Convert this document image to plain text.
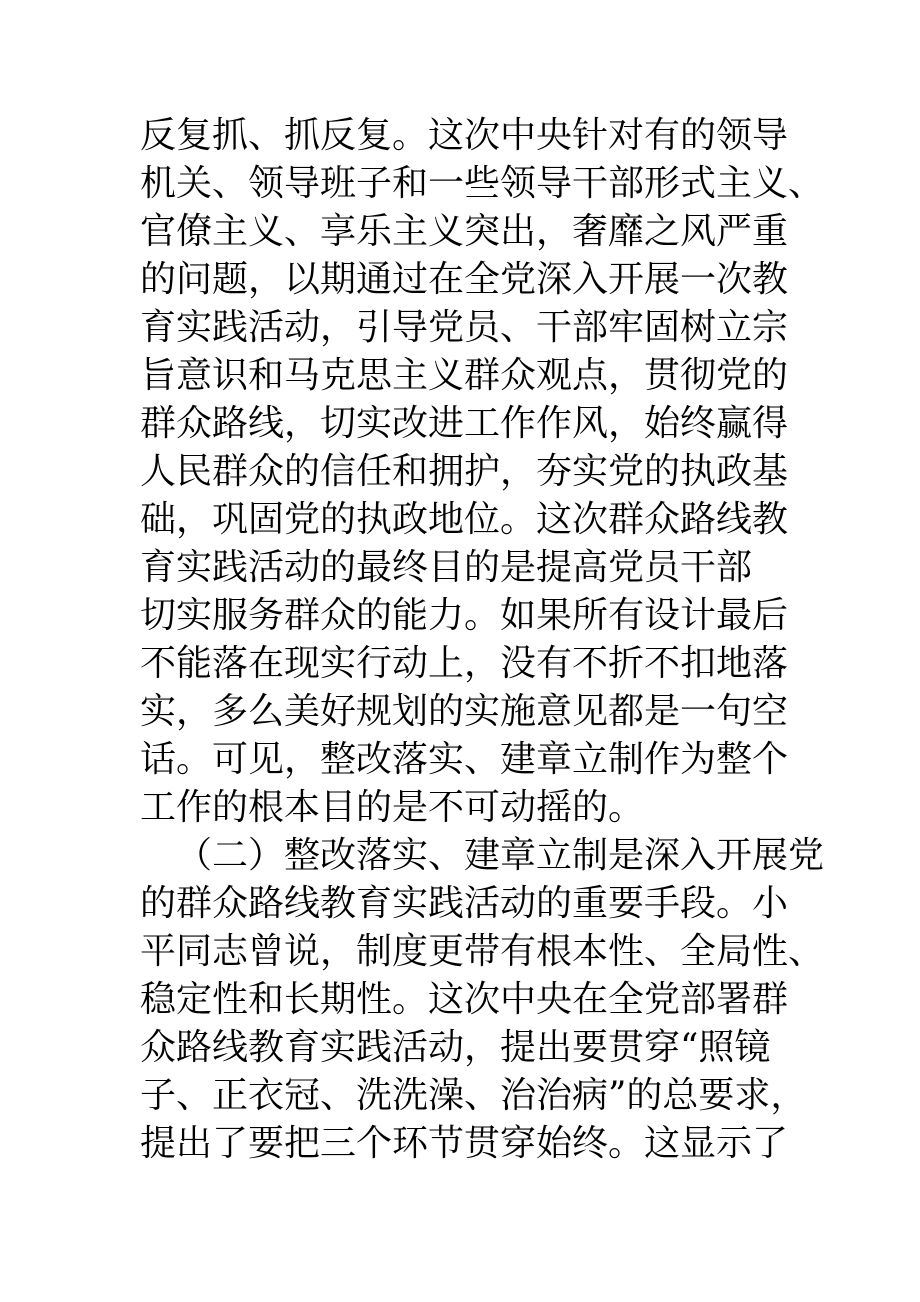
反复抓、抓反复。这次中央针对有的领导
机关、领导班子和一些领导干部形式主义、
官僚主义、享乐主义突出，奢靡之风严重
的问题，以期通过在全党深入开展一次教
育实践活动，引导党员、干部牢固树立宗
旨意识和马克思主义群众观点，贯彻党的
群众路线，切实改进工作作风，始终赢得
人民群众的信任和拥护，夯实党的执政基
础，巩固党的执政地位。这次群众路线教
育实践活动的最终目的是提高党员干部
切实服务群众的能力。如果所有设计最后
不能落在现实行动上，没有不折不扣地落
实，多么美好规划的实施意见都是一句空
话。可见，整改落实、建章立制作为整个
工作的根本目的是不可动摇的。
（二）整改落实、建章立制是深入开展党
的群众路线教育实践活动的重要手段。小
平同志曾说，制度更带有根本性、全局性、
稳定性和长期性。这次中央在全党部署群
众路线教育实践活动，提出要贯穿“照镜
子、正衣冠、洗洗澡、治治病”的总要求，
提出了要把三个环节贯穿始终。这显示了
